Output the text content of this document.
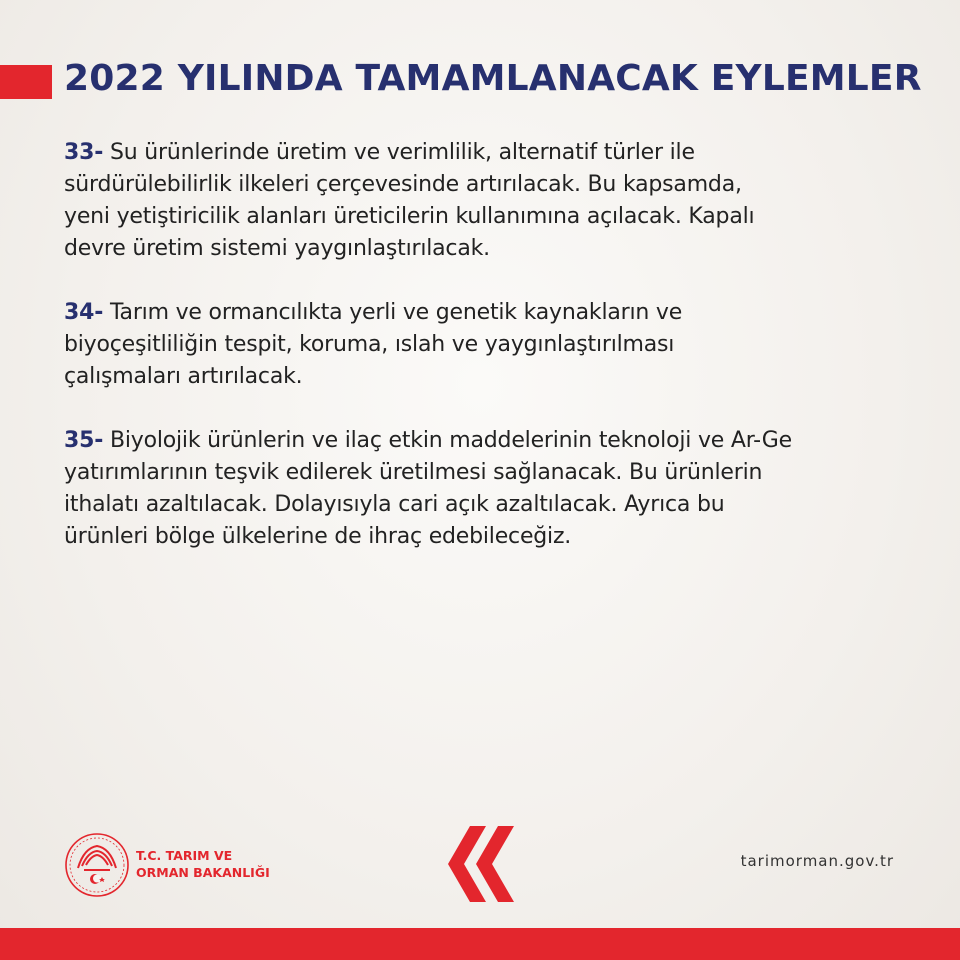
2022 YILINDA TAMAMLANACAK EYLEMLER
33- Su ürünlerinde üretim ve verimlilik, alternatif türler ile
sürdürülebilirlik ilkeleri çerçevesinde artırılacak. Bu kapsamda,
yeni yetiştiricilik alanları üreticilerin kullanımına açılacak. Kapalı
devre üretim sistemi yaygınlaştırılacak.
34- Tarım ve ormancılıkta yerli ve genetik kaynakların ve
biyoçeşitliliğin tespit, koruma, ıslah ve yaygınlaştırılması
çalışmaları artırılacak.
35- Biyolojik ürünlerin ve ilaç etkin maddelerinin teknoloji ve Ar-Ge
yatırımlarının teşvik edilerek üretilmesi sağlanacak. Bu ürünlerin
ithalatı azaltılacak. Dolayısıyla cari açık azaltılacak. Ayrıca bu
ürünleri bölge ülkelerine de ihraç edebileceğiz.
T.C. TARIM VE
ORMAN BAKANLIĞI
tarimorman.gov.tr
